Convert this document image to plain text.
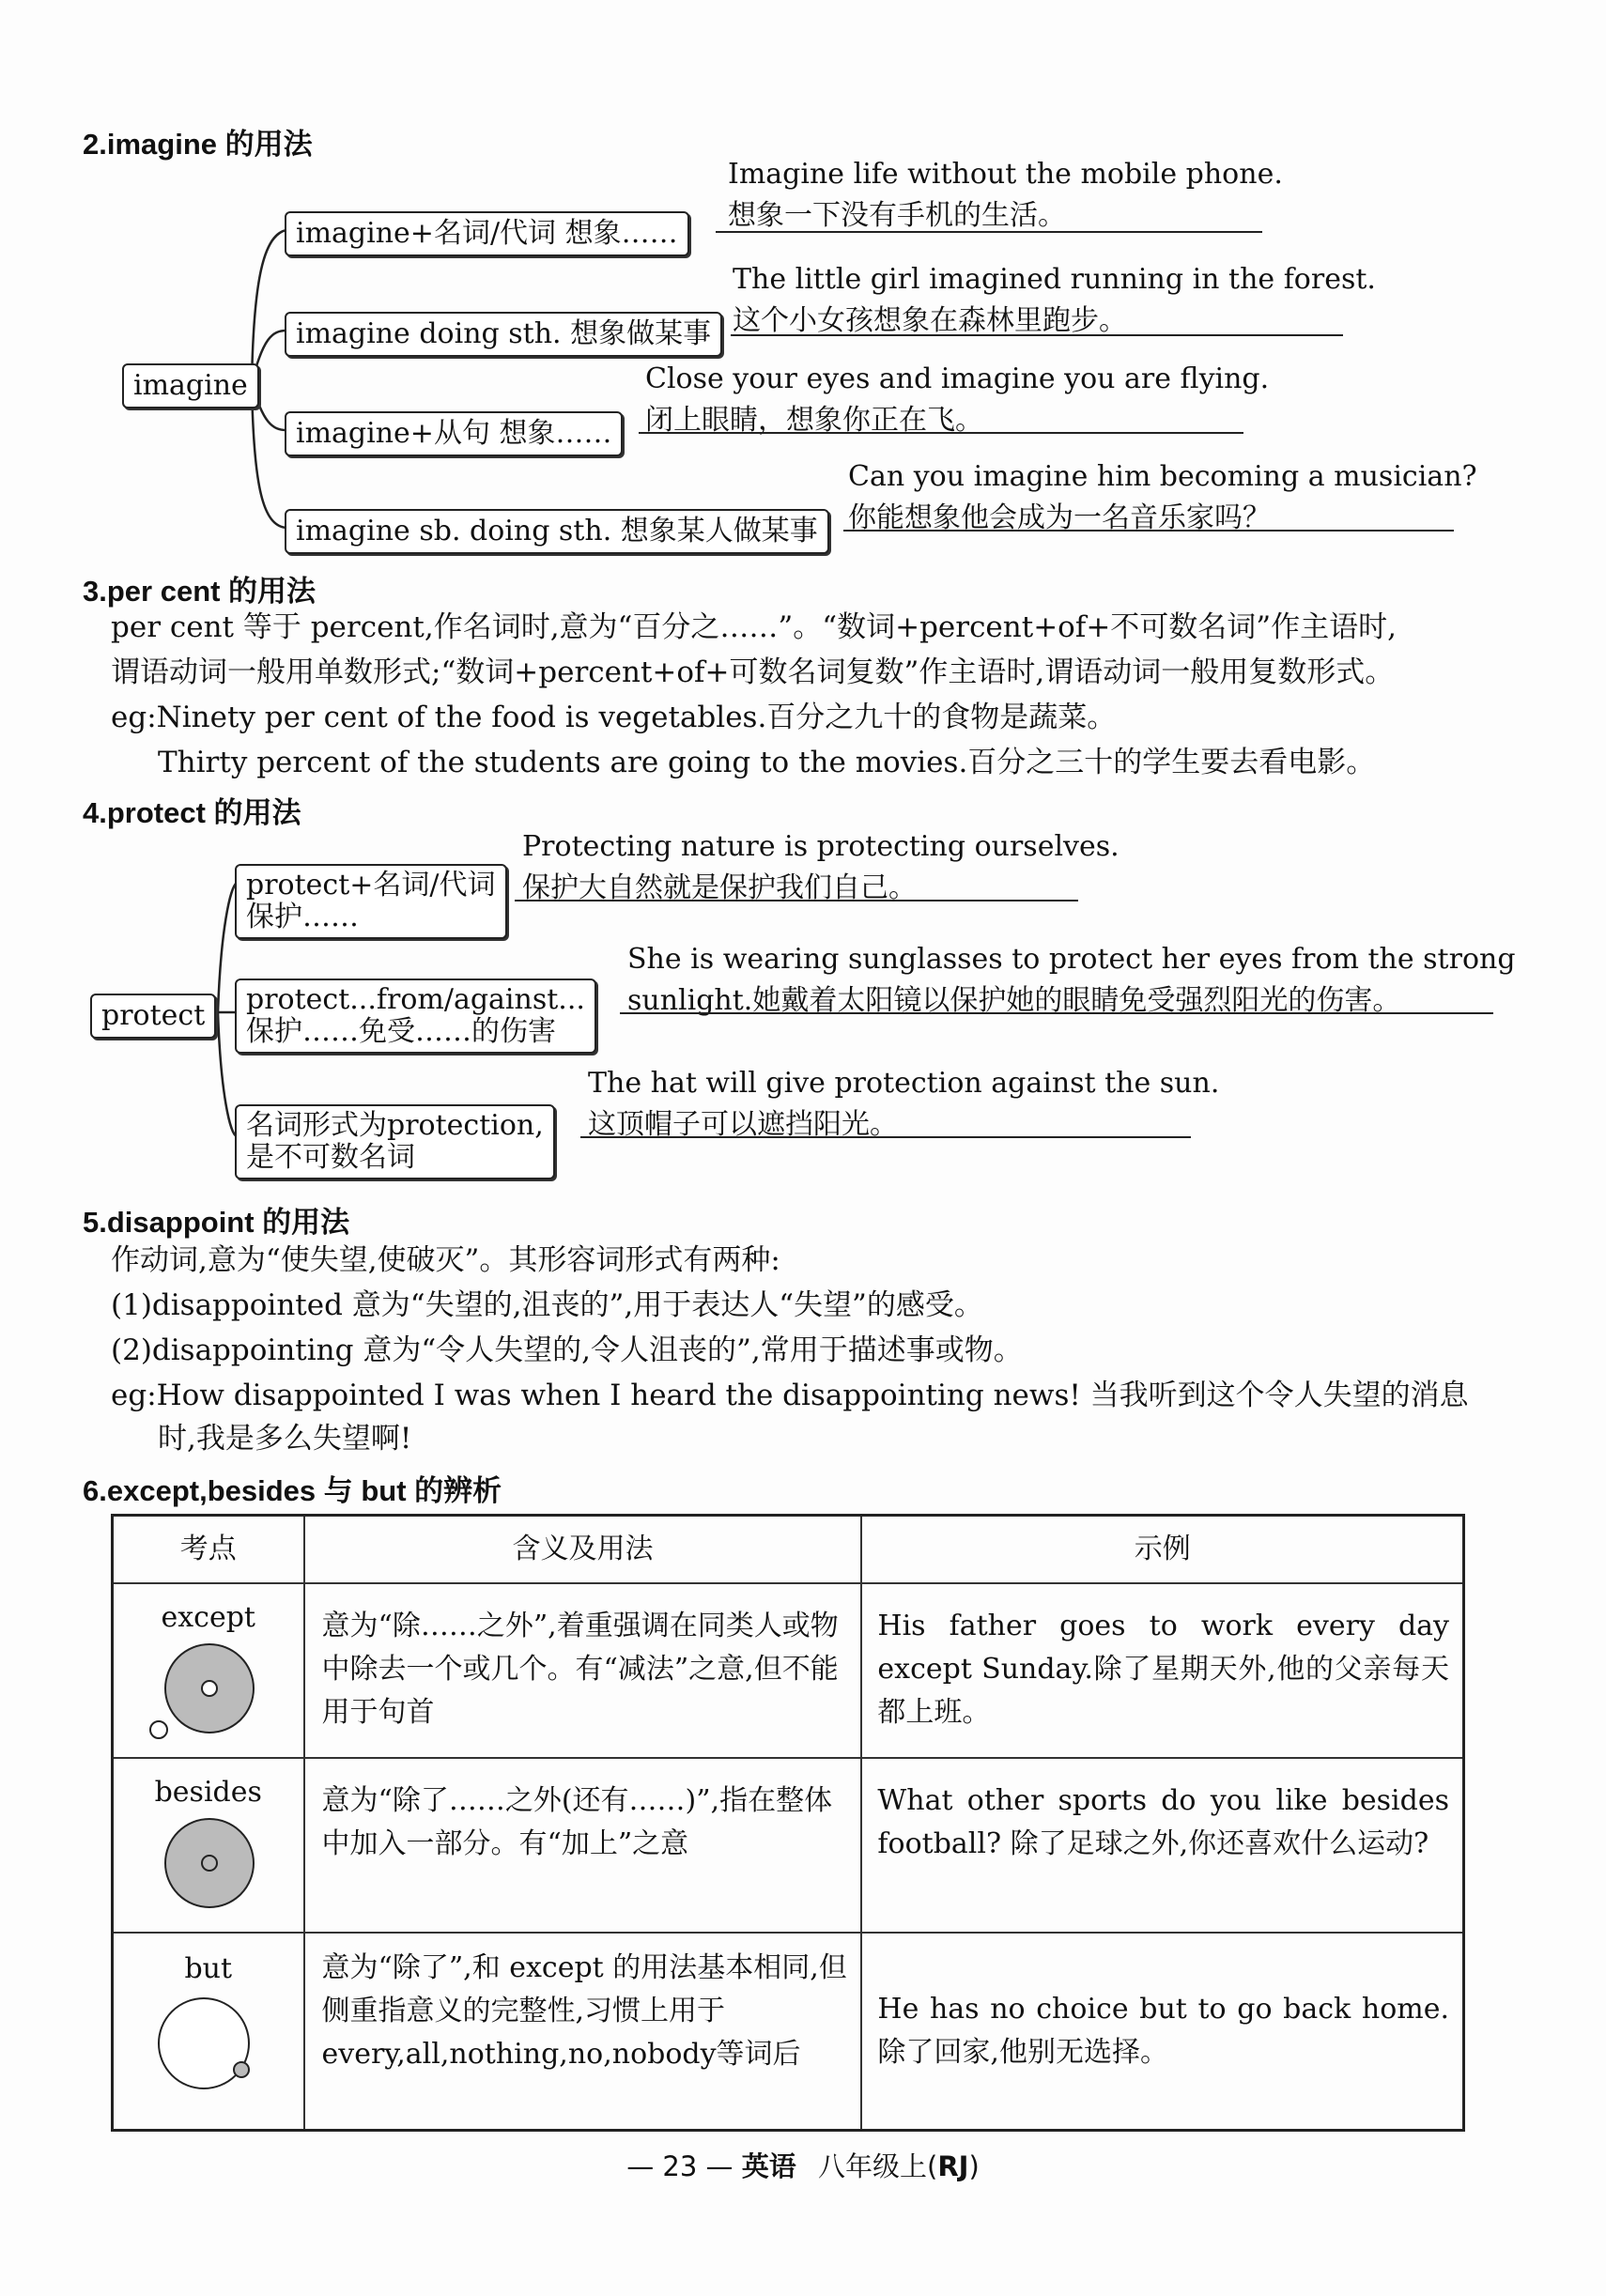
2.imagine 的用法
imagine
imagine+名词/代词 想象……
imagine doing sth. 想象做某事
imagine+从句 想象……
imagine sb. doing sth. 想象某人做某事
Imagine life without the mobile phone.
想象一下没有手机的生活。
The little girl imagined running in the forest.
这个小女孩想象在森林里跑步。
Close your eyes and imagine you are flying.
闭上眼睛，想象你正在飞。
Can you imagine him becoming a musician?
你能想象他会成为一名音乐家吗？
3.per cent 的用法
per cent 等于 percent,作名词时,意为“百分之……”。“数词+percent+of+不可数名词”作主语时,
谓语动词一般用单数形式;“数词+percent+of+可数名词复数”作主语时,谓语动词一般用复数形式。
eg:Ninety per cent of the food is vegetables.百分之九十的食物是蔬菜。
Thirty percent of the students are going to the movies.百分之三十的学生要去看电影。
4.protect 的用法
protect
protect+名词/代词
保护……
protect...from/against...
保护……免受……的伤害
名词形式为protection,
是不可数名词
Protecting nature is protecting ourselves.
保护大自然就是保护我们自己。
She is wearing sunglasses to protect her eyes from the strong
sunlight.她戴着太阳镜以保护她的眼睛免受强烈阳光的伤害。
The hat will give protection against the sun.
这顶帽子可以遮挡阳光。
5.disappoint 的用法
作动词,意为“使失望,使破灭”。其形容词形式有两种:
(1)disappointed 意为“失望的,沮丧的”,用于表达人“失望”的感受。
(2)disappointing 意为“令人失望的,令人沮丧的”,常用于描述事或物。
eg:How disappointed I was when I heard the disappointing news! 当我听到这个令人失望的消息
时,我是多么失望啊!
6.except,besides 与 but 的辨析
考点	含义及用法	示例

except	意为“除……之外”,着重强调在同类人或物中除去一个或几个。有“减法”之意,但不能用于句首	His father goes to work every day except Sunday.除了星期天外,他的父亲每天都上班。

besides	意为“除了……之外(还有……)”,指在整体中加入一部分。有“加上”之意	What other sports do you like besides football? 除了足球之外,你还喜欢什么运动?

but	意为“除了”,和 except 的用法基本相同,但侧重指意义的完整性,习惯上用于 every,all,nothing,no,nobody等词后	He has no choice but to go back home.除了回家,他别无选择。
— 23 — 英语 八年级上(RJ)
